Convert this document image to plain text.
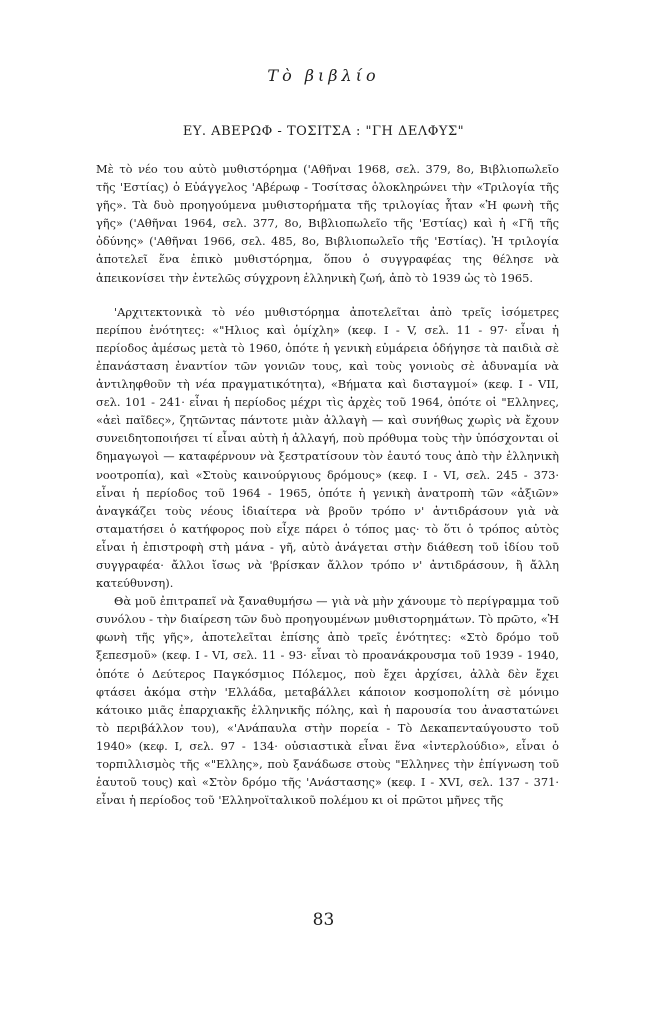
Τὸ βιβλίο
ΕΥ. ΑΒΕΡΩΦ - ΤΟΣΙΤΣΑ : "ΓΗ ΔΕΛΦΥΣ"

Μὲ τὸ νέο του αὐτὸ μυθιστόρημα ('Αθῆναι 1968, σελ. 379, 8ο, Βιβλιοπωλεῖο τῆς 'Εστίας) ὁ Εὐάγγελος 'Αβέρωφ - Τοσίτσας ὁλοκληρώνει τὴν «Τριλογία τῆς γῆς». Τὰ δυὸ προηγούμενα μυθιστορήματα τῆς τριλογίας ἦταν «Ἡ φωνὴ τῆς γῆς» ('Αθῆναι 1964, σελ. 377, 8ο, Βιβλιοπωλεῖο τῆς 'Εστίας) καὶ ἡ «Γῆ τῆς ὀδύνης» ('Αθῆναι 1966, σελ. 485, 8ο, Βιβλιοπωλεῖο τῆς 'Εστίας). Ἡ τριλογία ἀποτελεῖ ἕνα ἐπικὸ μυθιστόρημα, ὅπου ὁ συγγραφέας της θέλησε νὰ ἀπεικονίσει τὴν ἐντελῶς σύγχρονη ἑλληνικὴ ζωή, ἀπὸ τὸ 1939 ὡς τὸ 1965.

'Αρχιτεκτονικὰ τὸ νέο μυθιστόρημα ἀποτελεῖται ἀπὸ τρεῖς ἰσόμετρες περίπου ἑνότητες: «"Ηλιος καὶ ὁμίχλη» (κεφ. I - V, σελ. 11 - 97· εἶναι ἡ περίοδος ἀμέσως μετὰ τὸ 1960, ὁπότε ἡ γενικὴ εὐμάρεια ὁδήγησε τὰ παιδιὰ σὲ ἐπανάσταση ἐναντίον τῶν γονιῶν τους, καὶ τοὺς γονιοὺς σὲ ἀδυναμία νὰ ἀντιληφθοῦν τὴ νέα πραγματικότητα), «Βήματα καὶ δισταγμοί» (κεφ. I - VII, σελ. 101 - 241· εἶναι ἡ περίοδος μέχρι τὶς ἀρχὲς τοῦ 1964, ὁπότε οἱ "Ελληνες, «ἀεὶ παῖδες», ζητῶντας πάντοτε μιὰν ἀλλαγὴ — καὶ συνήθως χωρὶς νὰ ἔχουν συνειδητοποιήσει τί εἶναι αὐτὴ ἡ ἀλλαγή, ποὺ πρόθυμα τοὺς τὴν ὑπόσχονται οἱ δημαγωγοὶ — καταφέρνουν νὰ ξεστρατίσουν τὸν ἑαυτό τους ἀπὸ τὴν ἑλληνικὴ νοοτροπία), καὶ «Στοὺς καινούργιους δρόμους» (κεφ. I - VI, σελ. 245 - 373· εἶναι ἡ περίοδος τοῦ 1964 - 1965, ὁπότε ἡ γενικὴ ἀνατροπὴ τῶν «ἀξιῶν» ἀναγκάζει τοὺς νέους ἰδιαίτερα νὰ βροῦν τρόπο ν' ἀντιδράσουν γιὰ νὰ σταματήσει ὁ κατήφορος ποὺ εἶχε πάρει ὁ τόπος μας· τὸ ὅτι ὁ τρόπος αὐτὸς εἶναι ἡ ἐπιστροφὴ στὴ μάνα - γῆ, αὐτὸ ἀνάγεται στὴν διάθεση τοῦ ἰδίου τοῦ συγγραφέα· ἄλλοι ἴσως νὰ 'βρίσκαν ἄλλον τρόπο ν' ἀντιδράσουν, ἢ ἄλλη κατεύθυνση).

Θὰ μοῦ ἐπιτραπεῖ νὰ ξαναθυμήσω — γιὰ νὰ μὴν χάνουμε τὸ περίγραμμα τοῦ συνόλου - τὴν διαίρεση τῶν δυὸ προηγουμένων μυθιστορημάτων. Τὸ πρῶτο, «Ἡ φωνὴ τῆς γῆς», ἀποτελεῖται ἐπίσης ἀπὸ τρεῖς ἑνότητες: «Στὸ δρόμο τοῦ ξεπεσμοῦ» (κεφ. I - VI, σελ. 11 - 93· εἶναι τὸ προανάκρουσμα τοῦ 1939 - 1940, ὁπότε ὁ Δεύτερος Παγκόσμιος Πόλεμος, ποὺ ἔχει ἀρχίσει, ἀλλὰ δὲν ἔχει φτάσει ἀκόμα στὴν 'Ελλάδα, μεταβάλλει κάποιον κοσμοπολίτη σὲ μόνιμο κάτοικο μιᾶς ἐπαρχιακῆς ἑλληνικῆς πόλης, καὶ ἡ παρουσία του ἀναστατώνει τὸ περιβάλλον του), «'Ανάπαυλα στὴν πορεία - Τὸ Δεκαπενταύγουστο τοῦ 1940» (κεφ. I, σελ. 97 - 134· οὐσιαστικὰ εἶναι ἕνα «ἰντερλούδιο», εἶναι ὁ τορπιλλισμὸς τῆς «"Ελλης», ποὺ ξανάδωσε στοὺς "Ελληνες τὴν ἐπίγνωση τοῦ ἑαυτοῦ τους) καὶ «Στὸν δρόμο τῆς 'Ανάστασης» (κεφ. I - XVI, σελ. 137 - 371· εἶναι ἡ περίοδος τοῦ 'Ελληνοϊταλικοῦ πολέμου κι οἱ πρῶτοι μῆνες τῆς

83
